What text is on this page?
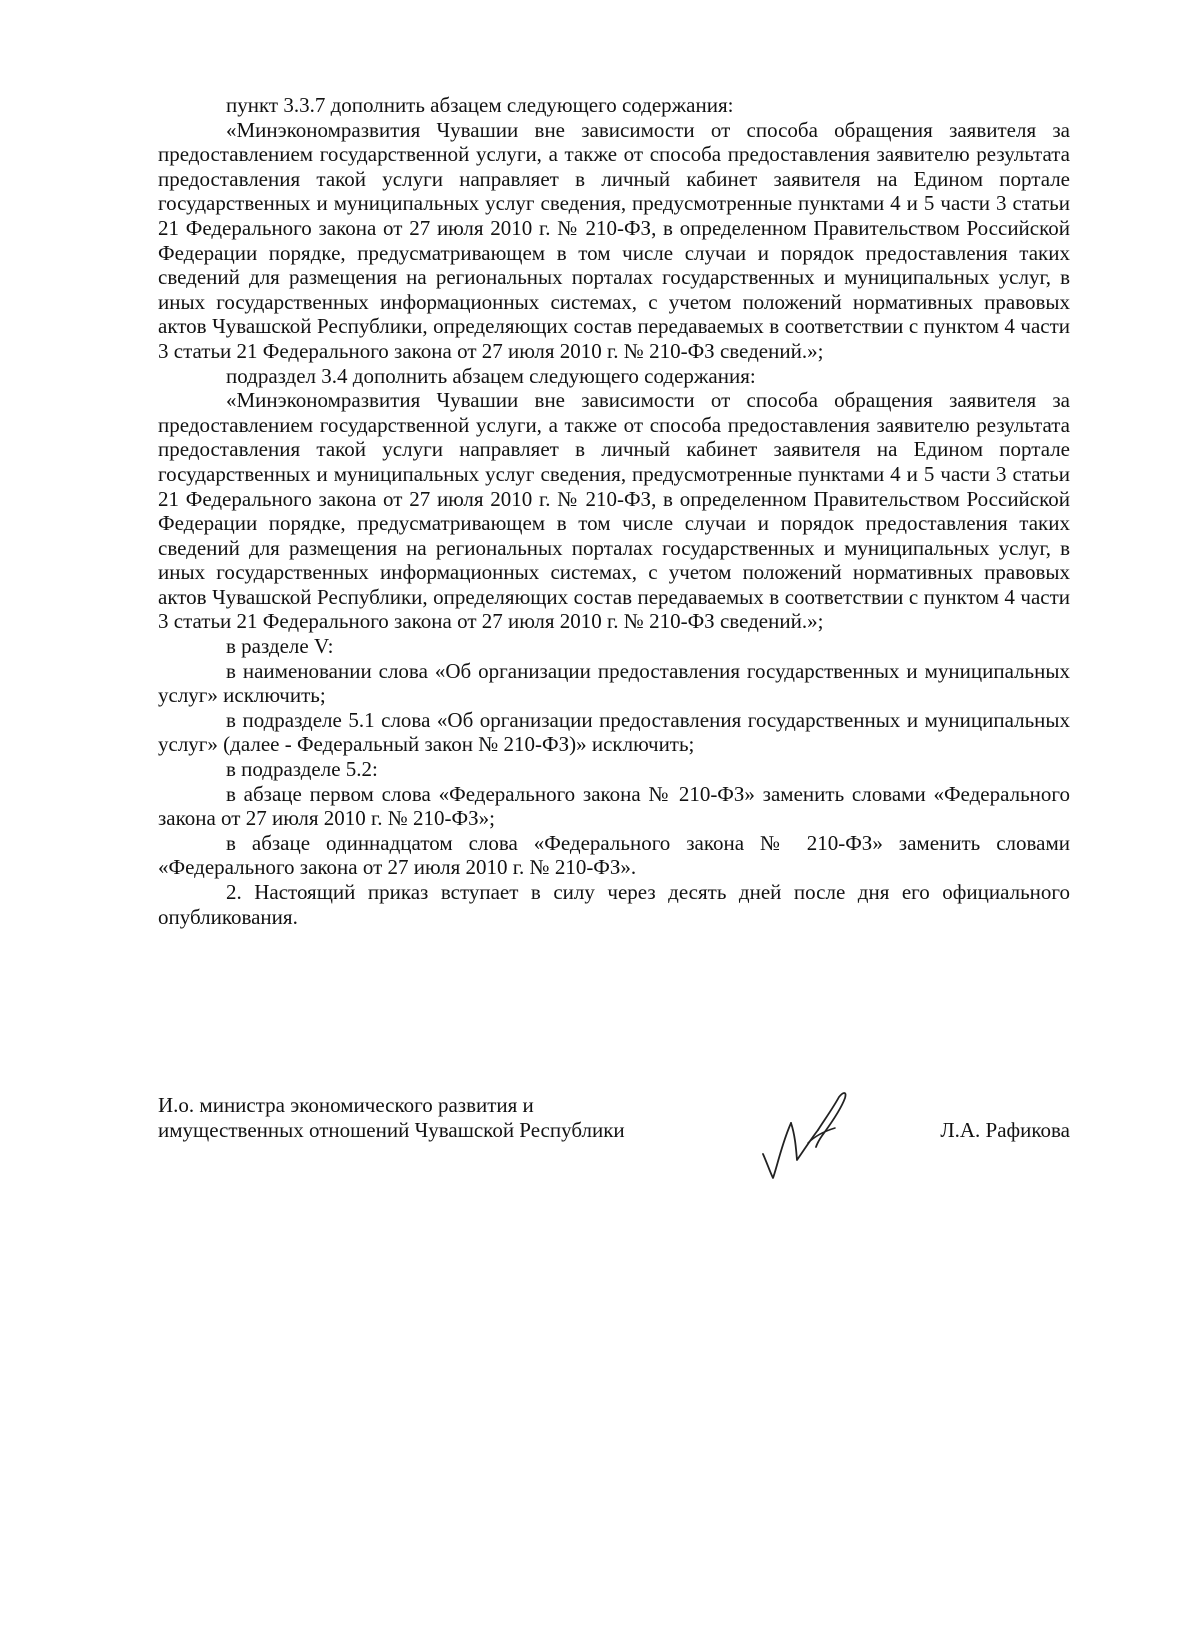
пункт 3.3.7 дополнить абзацем следующего содержания:

«Минэкономразвития Чувашии вне зависимости от способа обращения заявителя за предоставлением государственной услуги, а также от способа предоставления заявителю результата предоставления такой услуги направляет в личный кабинет заявителя на Едином портале государственных и муниципальных услуг сведения, предусмотренные пунктами 4 и 5 части 3 статьи 21 Федерального закона от 27 июля 2010 г. № 210-ФЗ, в определенном Правительством Российской Федерации порядке, предусматривающем в том числе случаи и порядок предоставления таких сведений для размещения на региональных порталах государственных и муниципальных услуг, в иных государственных информационных системах, с учетом положений нормативных правовых актов Чувашской Республики, определяющих состав передаваемых в соответствии с пунктом 4 части 3 статьи 21 Федерального закона от 27 июля 2010 г. № 210-ФЗ сведений.»;

подраздел 3.4 дополнить абзацем следующего содержания:

«Минэкономразвития Чувашии вне зависимости от способа обращения заявителя за предоставлением государственной услуги, а также от способа предоставления заявителю результата предоставления такой услуги направляет в личный кабинет заявителя на Едином портале государственных и муниципальных услуг сведения, предусмотренные пунктами 4 и 5 части 3 статьи 21 Федерального закона от 27 июля 2010 г. № 210-ФЗ, в определенном Правительством Российской Федерации порядке, предусматривающем в том числе случаи и порядок предоставления таких сведений для размещения на региональных порталах государственных и муниципальных услуг, в иных государственных информационных системах, с учетом положений нормативных правовых актов Чувашской Республики, определяющих состав передаваемых в соответствии с пунктом 4 части 3 статьи 21 Федерального закона от 27 июля 2010 г. № 210-ФЗ сведений.»;

в разделе V:

в наименовании слова «Об организации предоставления государственных и муниципальных услуг» исключить;

в подразделе 5.1 слова «Об организации предоставления государственных и муниципальных услуг» (далее - Федеральный закон № 210-ФЗ)» исключить;

в подразделе 5.2:

в абзаце первом слова «Федерального закона № 210-ФЗ» заменить словами «Федерального закона от 27 июля 2010 г. № 210-ФЗ»;

в абзаце одиннадцатом слова «Федерального закона № 210-ФЗ» заменить словами «Федерального закона от 27 июля 2010 г. № 210-ФЗ».

2. Настоящий приказ вступает в силу через десять дней после дня его официального опубликования.

И.о. министра экономического развития и
имущественных отношений Чувашской Республики	Л.А. Рафикова
